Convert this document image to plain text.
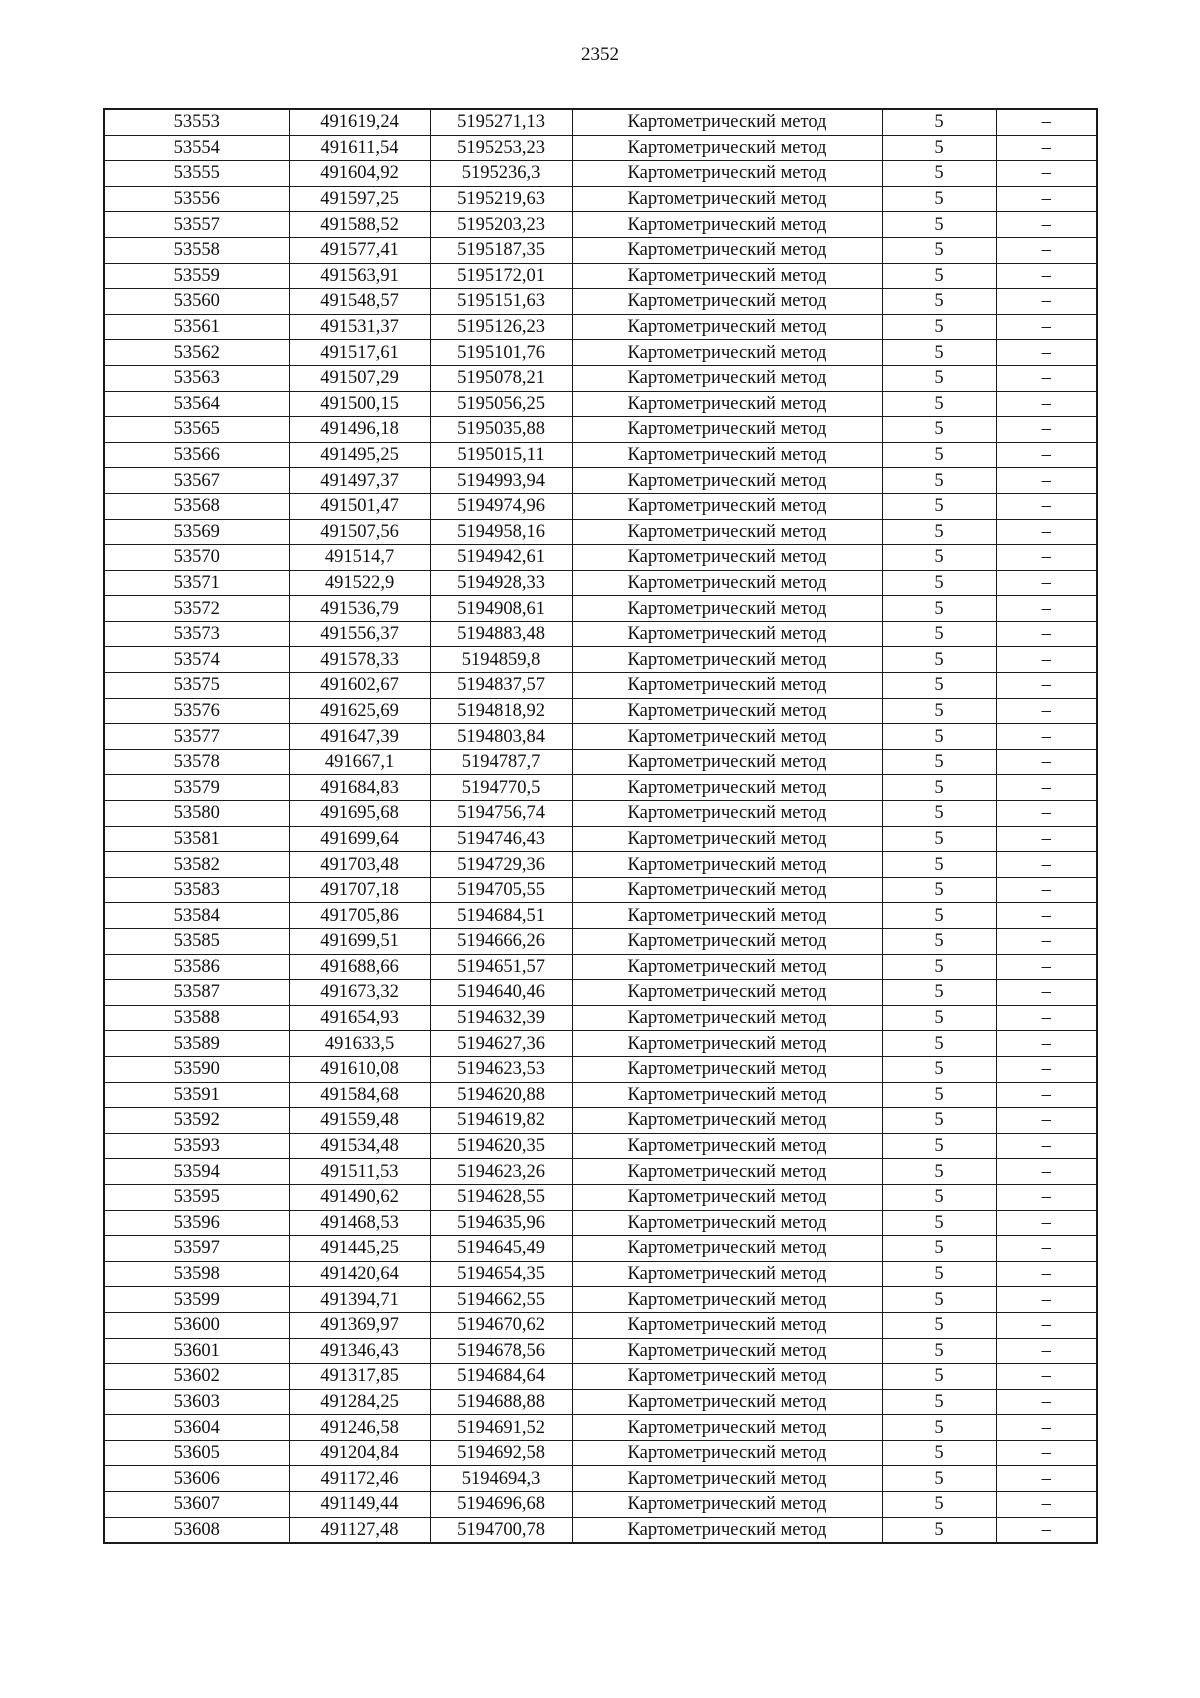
2352
53553	491619,24	5195271,13	Картометрический метод	5	–
53554	491611,54	5195253,23	Картометрический метод	5	–
53555	491604,92	5195236,3	Картометрический метод	5	–
53556	491597,25	5195219,63	Картометрический метод	5	–
53557	491588,52	5195203,23	Картометрический метод	5	–
53558	491577,41	5195187,35	Картометрический метод	5	–
53559	491563,91	5195172,01	Картометрический метод	5	–
53560	491548,57	5195151,63	Картометрический метод	5	–
53561	491531,37	5195126,23	Картометрический метод	5	–
53562	491517,61	5195101,76	Картометрический метод	5	–
53563	491507,29	5195078,21	Картометрический метод	5	–
53564	491500,15	5195056,25	Картометрический метод	5	–
53565	491496,18	5195035,88	Картометрический метод	5	–
53566	491495,25	5195015,11	Картометрический метод	5	–
53567	491497,37	5194993,94	Картометрический метод	5	–
53568	491501,47	5194974,96	Картометрический метод	5	–
53569	491507,56	5194958,16	Картометрический метод	5	–
53570	491514,7	5194942,61	Картометрический метод	5	–
53571	491522,9	5194928,33	Картометрический метод	5	–
53572	491536,79	5194908,61	Картометрический метод	5	–
53573	491556,37	5194883,48	Картометрический метод	5	–
53574	491578,33	5194859,8	Картометрический метод	5	–
53575	491602,67	5194837,57	Картометрический метод	5	–
53576	491625,69	5194818,92	Картометрический метод	5	–
53577	491647,39	5194803,84	Картометрический метод	5	–
53578	491667,1	5194787,7	Картометрический метод	5	–
53579	491684,83	5194770,5	Картометрический метод	5	–
53580	491695,68	5194756,74	Картометрический метод	5	–
53581	491699,64	5194746,43	Картометрический метод	5	–
53582	491703,48	5194729,36	Картометрический метод	5	–
53583	491707,18	5194705,55	Картометрический метод	5	–
53584	491705,86	5194684,51	Картометрический метод	5	–
53585	491699,51	5194666,26	Картометрический метод	5	–
53586	491688,66	5194651,57	Картометрический метод	5	–
53587	491673,32	5194640,46	Картометрический метод	5	–
53588	491654,93	5194632,39	Картометрический метод	5	–
53589	491633,5	5194627,36	Картометрический метод	5	–
53590	491610,08	5194623,53	Картометрический метод	5	–
53591	491584,68	5194620,88	Картометрический метод	5	–
53592	491559,48	5194619,82	Картометрический метод	5	–
53593	491534,48	5194620,35	Картометрический метод	5	–
53594	491511,53	5194623,26	Картометрический метод	5	–
53595	491490,62	5194628,55	Картометрический метод	5	–
53596	491468,53	5194635,96	Картометрический метод	5	–
53597	491445,25	5194645,49	Картометрический метод	5	–
53598	491420,64	5194654,35	Картометрический метод	5	–
53599	491394,71	5194662,55	Картометрический метод	5	–
53600	491369,97	5194670,62	Картометрический метод	5	–
53601	491346,43	5194678,56	Картометрический метод	5	–
53602	491317,85	5194684,64	Картометрический метод	5	–
53603	491284,25	5194688,88	Картометрический метод	5	–
53604	491246,58	5194691,52	Картометрический метод	5	–
53605	491204,84	5194692,58	Картометрический метод	5	–
53606	491172,46	5194694,3	Картометрический метод	5	–
53607	491149,44	5194696,68	Картометрический метод	5	–
53608	491127,48	5194700,78	Картометрический метод	5	–
